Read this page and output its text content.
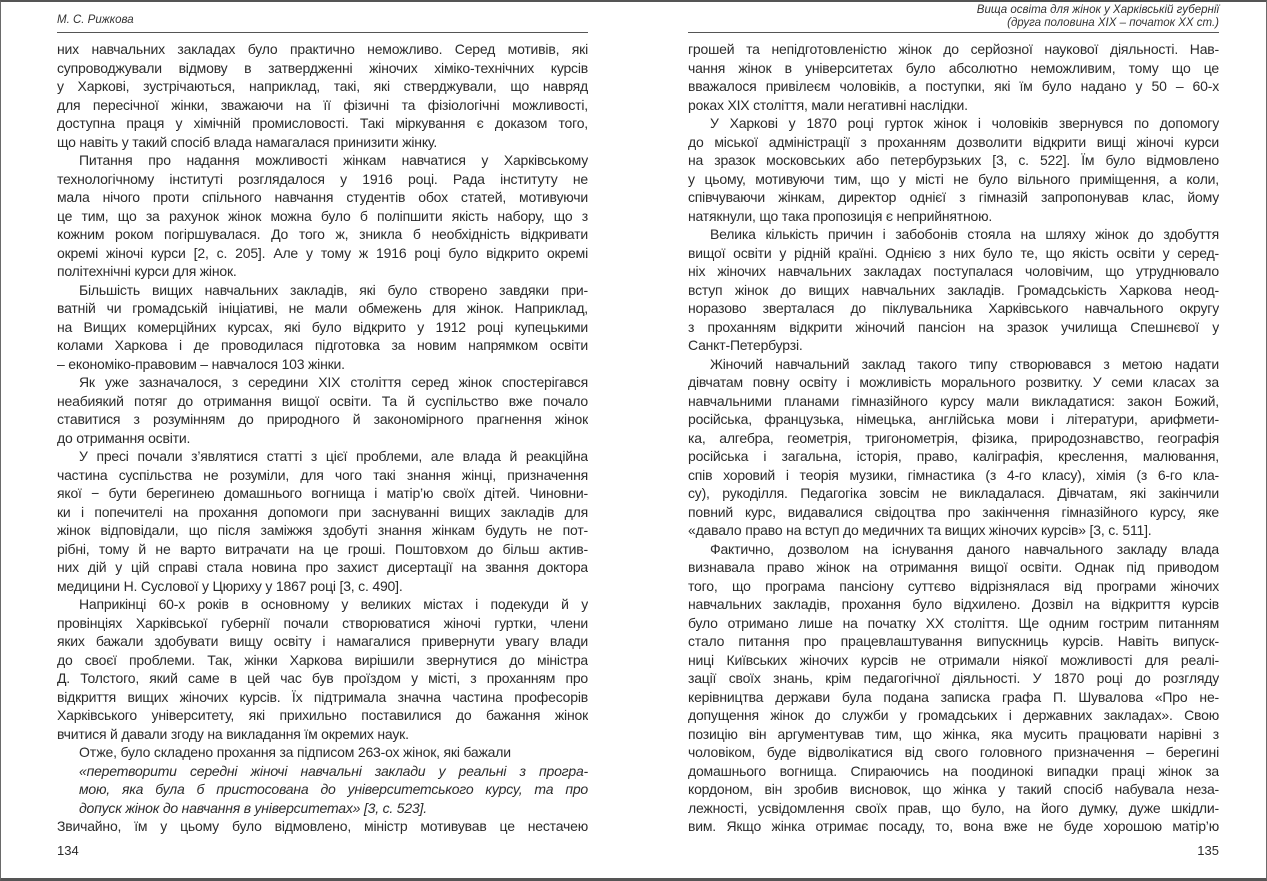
М. С. Рижкова
них навчальних закладах було практично неможливо. Серед мотивів, які
супроводжували відмову в затвердженні жіночих хіміко-технічних курсів
у Харкові, зустрічаються, наприклад, такі, які стверджували, що навряд
для пересічної жінки, зважаючи на її фізичні та фізіологічні можливості,
доступна праця у хімічній промисловості. Такі міркування є доказом того,
що навіть у такий спосіб влада намагалася принизити жінку.
Питання про надання можливості жінкам навчатися у Харківському
технологічному інституті розглядалося у 1916 році. Рада інституту не
мала нічого проти спільного навчання студентів обох статей, мотивуючи
це тим, що за рахунок жінок можна було б поліпшити якість набору, що з
кожним роком погіршувалася. До того ж, зникла б необхідність відкривати
окремі жіночі курси [2, с. 205]. Але у тому ж 1916 році було відкрито окремі
політехнічні курси для жінок.
Більшість вищих навчальних закладів, які було створено завдяки при-
ватній чи громадській ініціативі, не мали обмежень для жінок. Наприклад,
на Вищих комерційних курсах, які було відкрито у 1912 році купецькими
колами Харкова і де проводилася підготовка за новим напрямком освіти
– економіко-правовим – навчалося 103 жінки.
Як уже зазначалося, з середини XIX століття серед жінок спостерігався
неабиякий потяг до отримання вищої освіти. Та й суспільство вже почало
ставитися з розумінням до природного й закономірного прагнення жінок
до отримання освіти.
У пресі почали з’являтися статті з цієї проблеми, але влада й реакційна
частина суспільства не розуміли, для чого такі знання жінці, призначення
якої − бути берегинею домашнього вогнища і матір’ю своїх дітей. Чиновни-
ки і попечителі на прохання допомоги при заснуванні вищих закладів для
жінок відповідали, що після заміжжя здобуті знання жінкам будуть не пот-
рібні, тому й не варто витрачати на це гроші. Поштовхом до більш актив-
них дій у цій справі стала новина про захист дисертації на звання доктора
медицини Н. Суслової у Цюриху у 1867 році [3, с. 490].
Наприкінці 60-х років в основному у великих містах і подекуди й у
провінціях Харківської губернії почали створюватися жіночі гуртки, члени
яких бажали здобувати вищу освіту і намагалися привернути увагу влади
до своєї проблеми. Так, жінки Харкова вирішили звернутися до міністра
Д. Толстого, який саме в цей час був проїздом у місті, з проханням про
відкриття вищих жіночих курсів. Їх підтримала значна частина професорів
Харківського університету, які прихильно поставилися до бажання жінок
вчитися й давали згоду на викладання їм окремих наук.
Отже, було складено прохання за підписом 263-ох жінок, які бажали
«перетворити середні жіночі навчальні заклади у реальні з програ-
мою, яка була б пристосована до університетського курсу, та про
допуск жінок до навчання в університетах» [3, с. 523].
Звичайно, їм у цьому було відмовлено, міністр мотивував це нестачею
134
Вища освіта для жінок у Харківській губернії
(друга половина XIX – початок XX ст.)
грошей та непідготовленістю жінок до серйозної наукової діяльності. Нав-
чання жінок в університетах було абсолютно неможливим, тому що це
вважалося привілеєм чоловіків, а поступки, які їм було надано у 50 – 60-х
роках XIX століття, мали негативні наслідки.
У Харкові у 1870 році гурток жінок і чоловіків звернувся по допомогу
до міської адміністрації з проханням дозволити відкрити вищі жіночі курси
на зразок московських або петербурзьких [3, с. 522]. Їм було відмовлено
у цьому, мотивуючи тим, що у місті не було вільного приміщення, а коли,
співчуваючи жінкам, директор однієї з гімназій запропонував клас, йому
натякнули, що така пропозиція є неприйнятною.
Велика кількість причин і забобонів стояла на шляху жінок до здобуття
вищої освіти у рідній країні. Однією з них було те, що якість освіти у серед-
ніх жіночих навчальних закладах поступалася чоловічим, що утруднювало
вступ жінок до вищих навчальних закладів. Громадськість Харкова неод-
норазово зверталася до піклувальника Харківського навчального округу
з проханням відкрити жіночий пансіон на зразок училища Спешнєвої у
Санкт-Петербурзі.
Жіночий навчальний заклад такого типу створювався з метою надати
дівчатам повну освіту і можливість морального розвитку. У семи класах за
навчальними планами гімназійного курсу мали викладатися: закон Божий,
російська, французька, німецька, англійська мови і літератури, арифмети-
ка, алгебра, геометрія, тригонометрія, фізика, природознавство, географія
російська і загальна, історія, право, каліграфія, креслення, малювання,
спів хоровий і теорія музики, гімнастика (з 4-го класу), хімія (з 6-го кла-
су), рукоділля. Педагогіка зовсім не викладалася. Дівчатам, які закінчили
повний курс, видавалися свідоцтва про закінчення гімназійного курсу, яке
«давало право на вступ до медичних та вищих жіночих курсів» [3, с. 511].
Фактично, дозволом на існування даного навчального закладу влада
визнавала право жінок на отримання вищої освіти. Однак під приводом
того, що програма пансіону суттєво відрізнялася від програми жіночих
навчальних закладів, прохання було відхилено. Дозвіл на відкриття курсів
було отримано лише на початку XX століття. Ще одним гострим питанням
стало питання про працевлаштування випускниць курсів. Навіть випуск-
ниці Київських жіночих курсів не отримали ніякої можливості для реалі-
зації своїх знань, крім педагогічної діяльності. У 1870 році до розгляду
керівництва держави була подана записка графа П. Шувалова «Про не-
допущення жінок до служби у громадських і державних закладах». Свою
позицію він аргументував тим, що жінка, яка мусить працювати нарівні з
чоловіком, буде відволікатися від свого головного призначення – берегині
домашнього вогнища. Спираючись на поодинокі випадки праці жінок за
кордоном, він зробив висновок, що жінка у такий спосіб набувала неза-
лежності, усвідомлення своїх прав, що було, на його думку, дуже шкідли-
вим. Якщо жінка отримає посаду, то, вона вже не буде хорошою матір’ю
135
